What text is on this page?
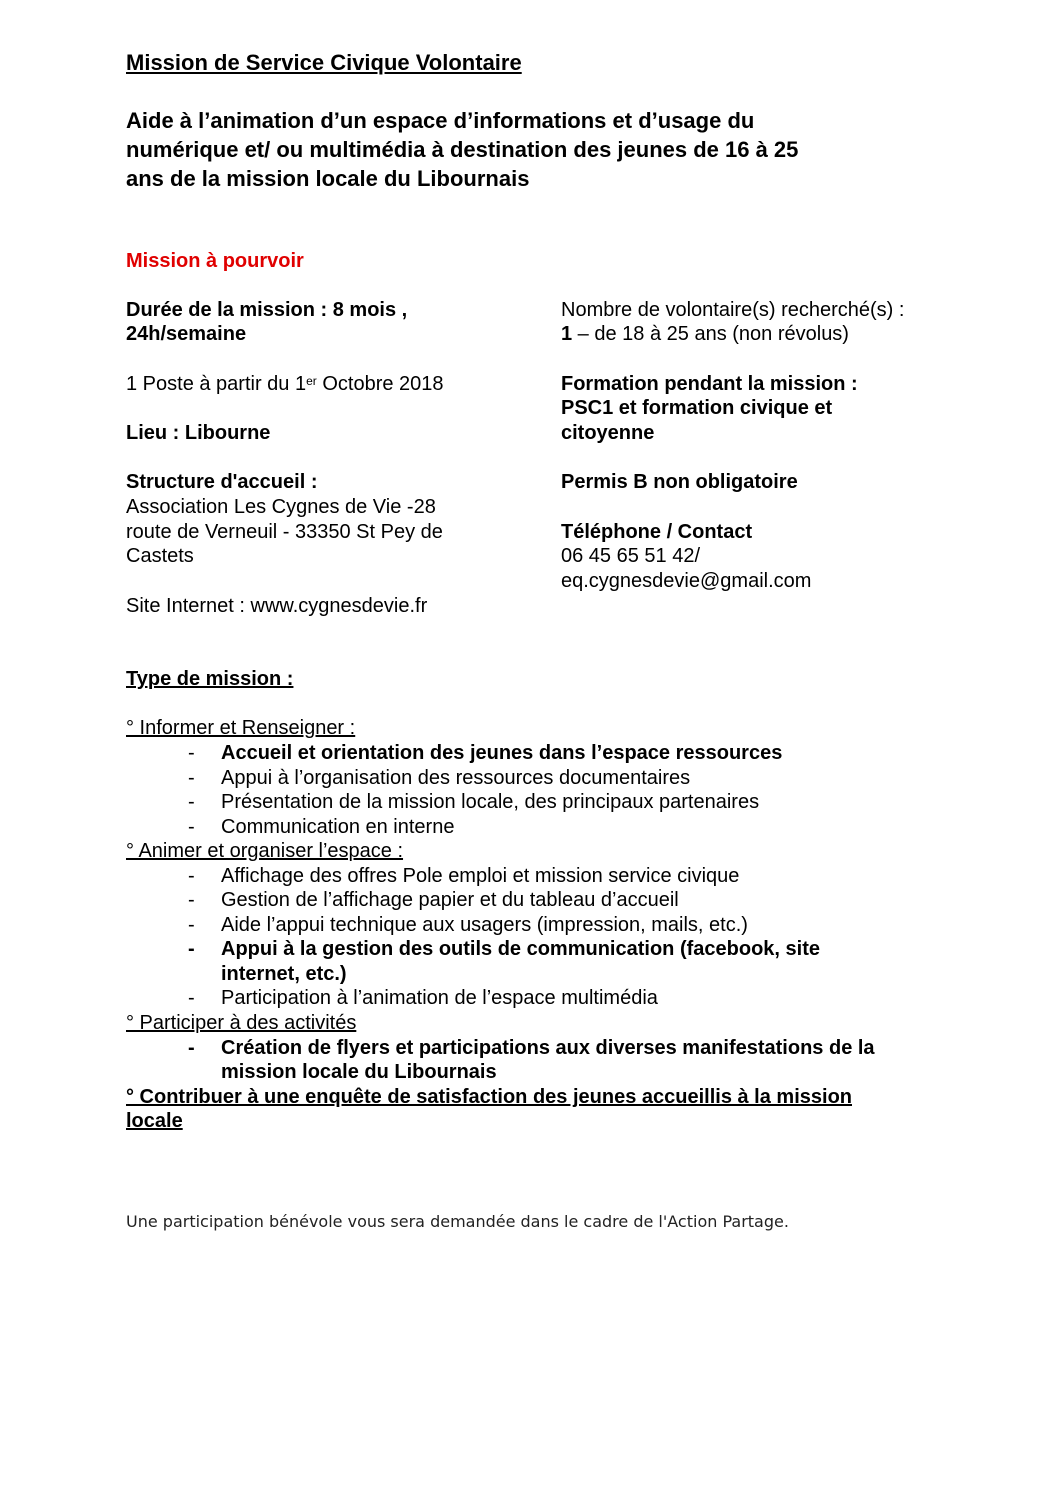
Mission de Service Civique Volontaire
Aide à l’animation d’un espace d’informations et d’usage du
numérique et/ ou multimédia à destination des jeunes de 16 à 25
ans de la mission locale du Libournais
Mission à pourvoir
Durée de la mission : 8 mois ,
24h/semaine
1 Poste à partir du 1er Octobre 2018
Lieu : Libourne
Structure d'accueil :
Association Les Cygnes de Vie -28
route de Verneuil - 33350 St Pey de
Castets
Site Internet : www.cygnesdevie.fr
Nombre de volontaire(s) recherché(s) :
1 – de 18 à 25 ans (non révolus)
Formation pendant la mission :
PSC1 et formation civique et
citoyenne
Permis B non obligatoire
Téléphone / Contact
06 45 65 51 42/
eq.cygnesdevie@gmail.com
Type de mission :
° Informer et Renseigner :
- Accueil et orientation des jeunes dans l’espace ressources
- Appui à l’organisation des ressources documentaires
- Présentation de la mission locale, des principaux partenaires
- Communication en interne
° Animer et organiser l’espace :
- Affichage des offres Pole emploi et mission service civique
- Gestion de l’affichage papier et du tableau d’accueil
- Aide l’appui technique aux usagers (impression, mails, etc.)
- Appui à la gestion des outils de communication (facebook, site
internet, etc.)
- Participation à l’animation de l’espace multimédia
° Participer à des activités
- Création de flyers et participations aux diverses manifestations de la
mission locale du Libournais
° Contribuer à une enquête de satisfaction des jeunes accueillis à la mission
locale
Une participation bénévole vous sera demandée dans le cadre de l'Action Partage.
